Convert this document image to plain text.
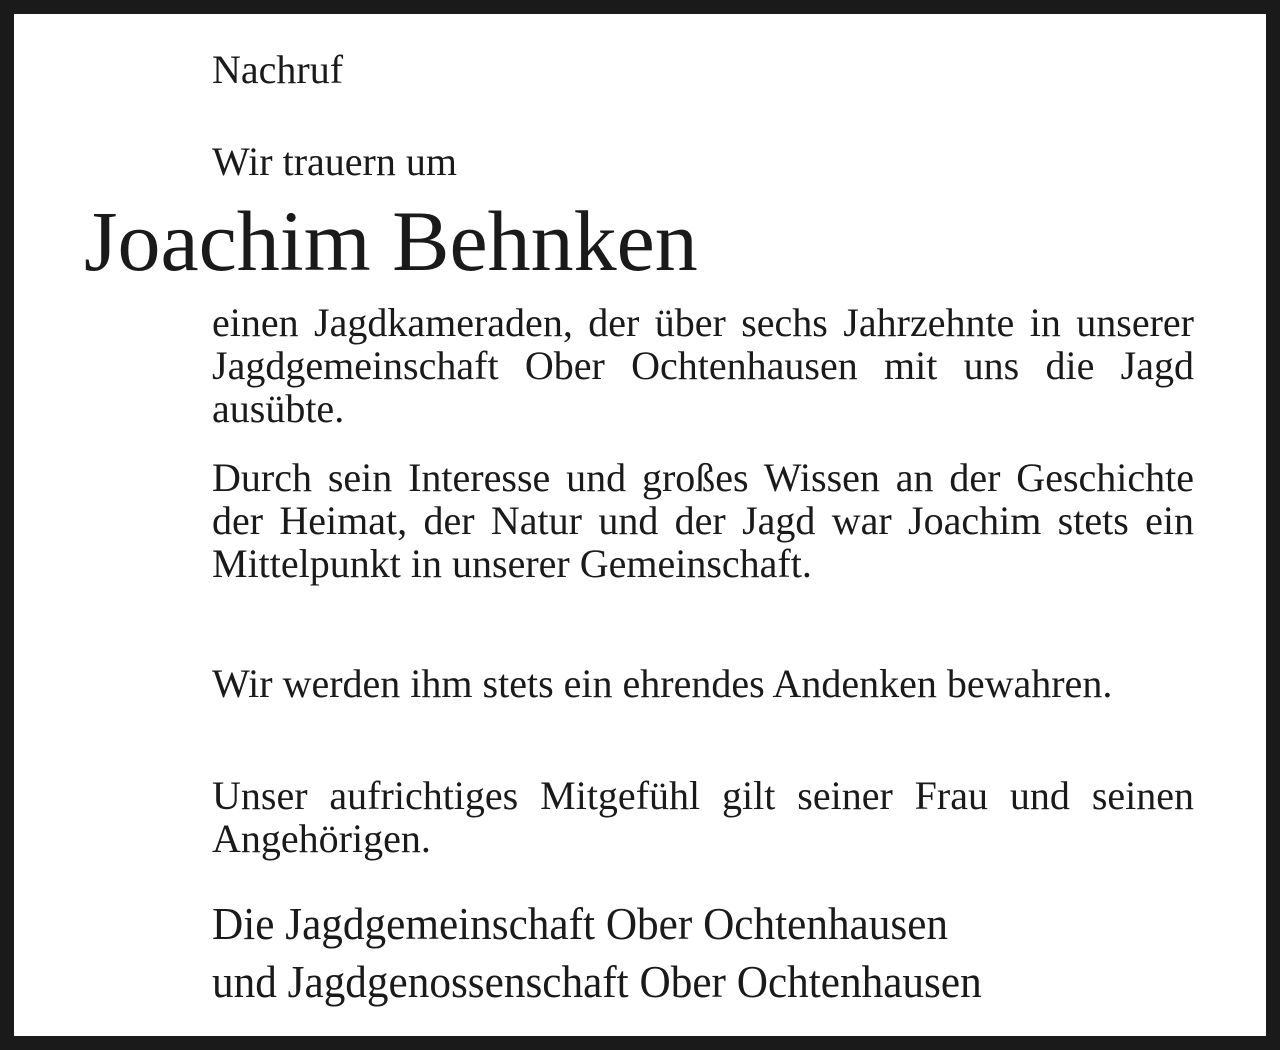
Nachruf
Wir trauern um
Joachim Behnken

einen Jagdkameraden, der über sechs Jahrzehnte in unserer Jagdgemeinschaft Ober Ochtenhausen mit uns die Jagd ausübte.

Durch sein Interesse und großes Wissen an der Geschichte der Heimat, der Natur und der Jagd war Joachim stets ein Mittelpunkt in unserer Gemeinschaft.

Wir werden ihm stets ein ehrendes Andenken bewahren.

Unser aufrichtiges Mitgefühl gilt seiner Frau und seinen Angehörigen.

Die Jagdgemeinschaft Ober Ochtenhausen
und Jagdgenossenschaft Ober Ochtenhausen
